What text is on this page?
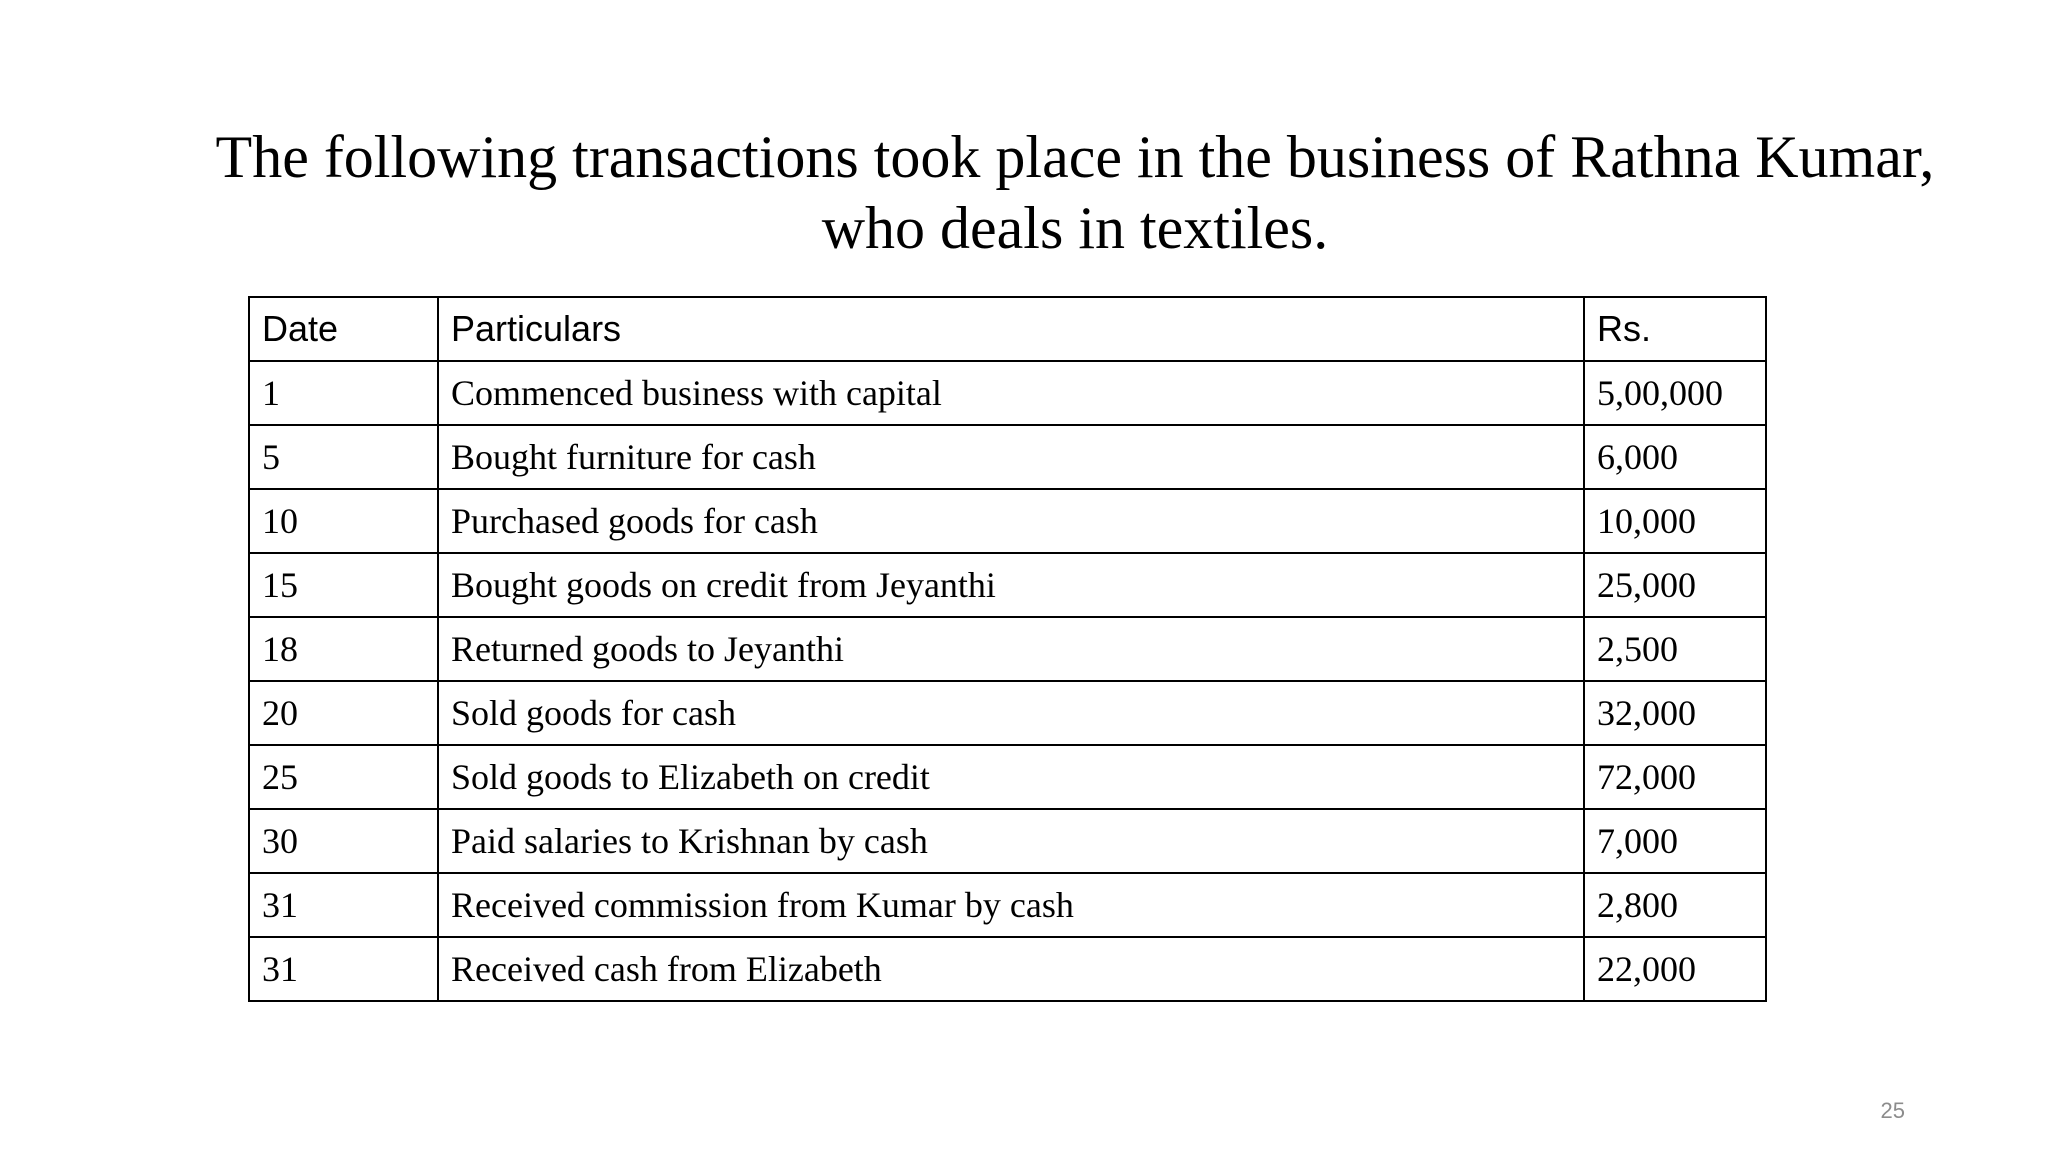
The following transactions took place in the business of Rathna Kumar,
who deals in textiles.
Date	Particulars	Rs.
1	Commenced business with capital	5,00,000
5	Bought furniture for cash	6,000
10	Purchased goods for cash	10,000
15	Bought goods on credit from Jeyanthi	25,000
18	Returned goods to Jeyanthi	2,500
20	Sold goods for cash	32,000
25	Sold goods to Elizabeth on credit	72,000
30	Paid salaries to Krishnan by cash	7,000
31	Received commission from Kumar by cash	2,800
31	Received cash from Elizabeth	22,000
25
